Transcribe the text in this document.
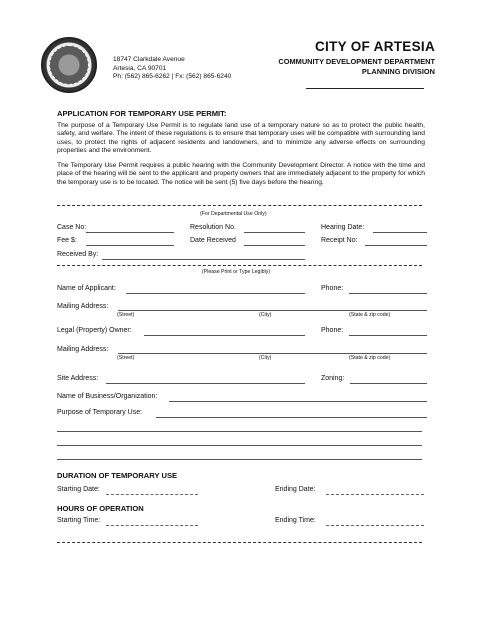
18747 Clarkdale Avenue
Artesia, CA 90701
Ph: (562) 865-6262 | Fx: (562) 865-6240
CITY OF ARTESIA
COMMUNITY DEVELOPMENT DEPARTMENT
PLANNING DIVISION
APPLICATION FOR TEMPORARY USE PERMIT:
The purpose of a Temporary Use Permit is to regulate land use of a temporary nature so as to protect the public health, safety, and welfare. The intent of these regulations is to ensure that temporary uses will be compatible with surrounding land uses, to protect the rights of adjacent residents and landowners, and to minimize any adverse effects on surrounding properties and the environment.
The Temporary Use Permit requires a public hearing with the Community Development Director. A notice with the time and place of the hearing will be sent to the applicant and property owners that are immediately adjacent to the property for which the temporary use is to be located. The notice will be sent (5) five days before the hearing.
(For Departmental Use Only)
Case No:	Resolution No.	Hearing Date:
Fee $:	Date Received	Receipt No:
Received By:
(Please Print or Type Legibly)
Name of Applicant:	Phone:
Mailing Address:
(Street)	(City)	(State & zip code)
Legal (Property) Owner:	Phone:
Mailing Address:
(Street)	(City)	(State & zip code)
Site Address:	Zoning:
Name of Business/Organization:
Purpose of Temporary Use:
DURATION OF TEMPORARY USE
Starting Date:	Ending Date:
HOURS OF OPERATION
Starting Time:	Ending Time:
